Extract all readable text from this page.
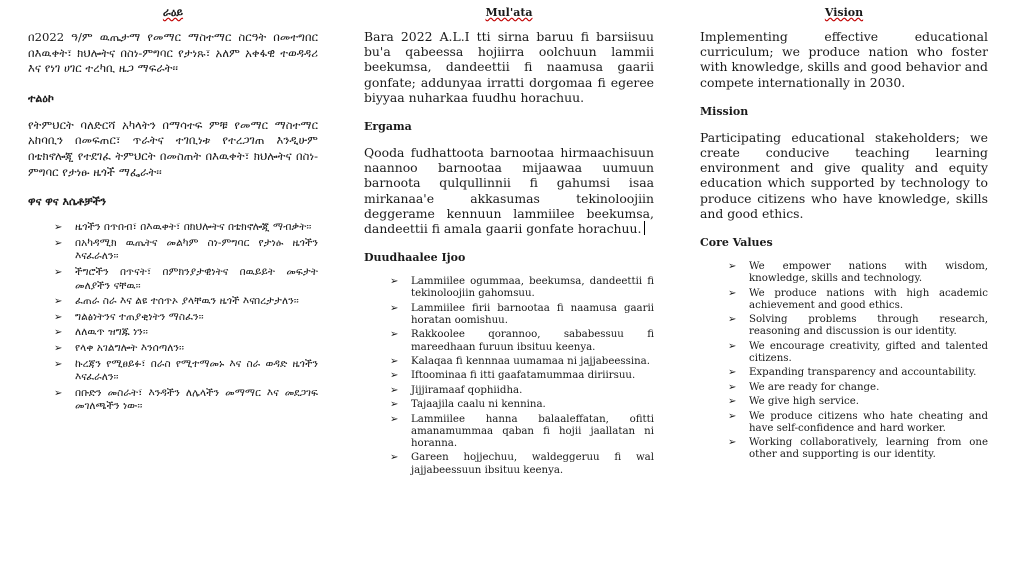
ራዕይ

በ2022 ዓ/ም ዉጤታማ የመማር ማስተማር ስርዓት በመተግበር በእዉቀት፣ ክህሎትና በስነ-ምግባር የታነጹ፣ አለም አቀፋዊ ተወዳዳሪ እና የነገ ሀገር ተረካቢ ዜጋ ማፍራት፡፡

ተልዕኮ

የትምህርት ባለድርሻ አካላትን በማሳተፍ ምቹ የመማር ማስተማር አከባቢን በመፍጠር፣ ጥራትና ተገቢነቱ የተረጋገጠ እንዲሁም በቴክኖሎጂ የተደገፈ ትምህርት በመስጠት በእዉቀት፣ ክህሎትና በስነ-ምግባር የታነፁ ዜጎች ማፌራት፡፡

ዋና ዋና እሴቶቻችን
➢ ዜጎችን በጥበብ፣ በእዉቀት፣ በክህሎትና በቴክኖሎጂ ማብቃት፡፡
➢ በአካዳሚክ ዉጤትና መልካም ስነ-ምግባር የታነፁ ዜጎችን እናፈራለን፡፡
➢ ችግሮችን በጥናት፣ በምክንያታዊነትና በዉይይት መፍታት መለያችን ናቸዉ፡፡
➢ ፈጠራ ስራ እና ልዩ ተሰጥኦ ያላቸዉን ዜጎች እናበረታታለን፡፡
➢ ግልፅነትንና ተጠያቂነትን ማስፈን፡፡
➢ ለለዉጥ ዝግጁ ነን፡፡
➢ የላቀ አገልግሎት እንሰጣለን፡፡
➢ ኩረጃን የሚፀይፉ፣ በራስ የሚተማመኑ እና ስራ ወዳድ ዜጎችን እናፈራለን፡፡
➢ በቡድን መስራት፣ እንዳችን ለሌላችን መማማር እና መደጋገፍ መገለጫችን ነው፡፡
Mul'ata

Bara 2022 A.L.I tti sirna baruu fi barsiisuu bu'a qabeessa hojiirra oolchuun lammii beekumsa, dandeettii fi naamusa gaarii gonfate; addunyaa irratti dorgomaa fi egeree biyyaa nuharkaa fuudhu horachuu.

Ergama

Qooda fudhattoota barnootaa hirmaachisuun naannoo barnootaa mijaawaa uumuun barnoota qulqullinnii fi gahumsi isaa mirkanaa'e akkasumas tekinoloojiin deggerame kennuun lammiilee beekumsa, dandeettii fi amala gaarii gonfate horachuu.

Duudhaalee Ijoo
➢ Lammiilee ogummaa, beekumsa, dandeettii fi tekinoloojiin gahomsuu.
➢ Lammiilee firii barnootaa fi naamusa gaarii horatan oomishuu.
➢ Rakkoolee qorannoo, sababessuu fi mareedhaan furuun ibsituu keenya.
➢ Kalaqaa fi kennnaa uumamaa ni jajjabeessina.
➢ Iftoominaa fi itti gaafatamummaa diriirsuu.
➢ Jijjiramaaf qophiidha.
➢ Tajaajila caalu ni kennina.
➢ Lammiilee hanna balaaleffatan, ofitti amanamummaa qaban fi hojii jaallatan ni horanna.
➢ Gareen hojjechuu, waldeggeruu fi wal jajjabeessuun ibsituu keenya.
Vision

Implementing effective educational curriculum; we produce nation who foster with knowledge, skills and good behavior and compete internationally in 2030.

Mission

Participating educational stakeholders; we create conducive teaching learning environment and give quality and equity education which supported by technology to produce citizens who have knowledge, skills and good ethics.

Core Values
➢ We empower nations with wisdom, knowledge, skills and technology.
➢ We produce nations with high academic achievement and good ethics.
➢ Solving problems through research, reasoning and discussion is our identity.
➢ We encourage creativity, gifted and talented citizens.
➢ Expanding transparency and accountability.
➢ We are ready for change.
➢ We give high service.
➢ We produce citizens who hate cheating and have self-confidence and hard worker.
➢ Working collaboratively, learning from one other and supporting is our identity.
